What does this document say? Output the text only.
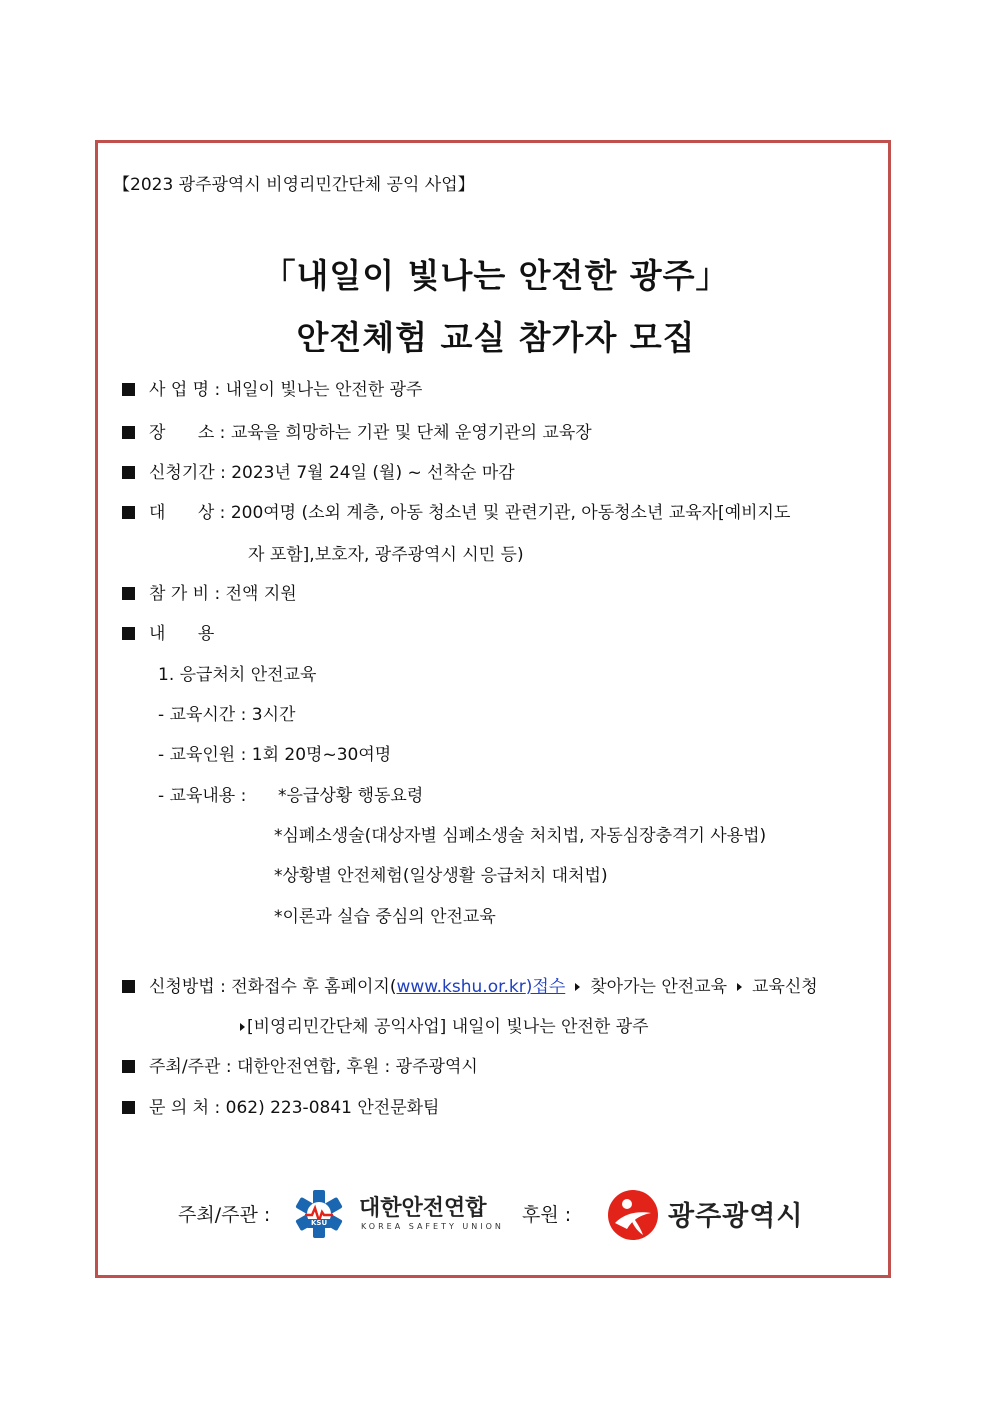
【2023 광주광역시 비영리민간단체 공익 사업】
「내일이 빛나는 안전한 광주」
안전체험 교실 참가자 모집
사 업 명 : 내일이 빛나는 안전한 광주
장      소 : 교육을 희망하는 기관 및 단체 운영기관의 교육장
신청기간 : 2023년 7월 24일 (월) ~ 선착순 마감
대      상 : 200여명 (소외 계층, 아동 청소년 및 관련기관, 아동청소년 교육자[예비지도
자 포함],보호자, 광주광역시 시민 등)
참 가 비 : 전액 지원
내      용
1. 응급처치 안전교육
- 교육시간 : 3시간
- 교육인원 : 1회 20명~30여명
- 교육내용 : *응급상황 행동요령
*심폐소생술(대상자별 심폐소생술 처치법, 자동심장충격기 사용법)
*상황별 안전체험(일상생활 응급처치 대처법)
*이론과 실습 중심의 안전교육
신청방법 : 전화접수 후 홈페이지(www.kshu.or.kr)접수 찾아가는 안전교육 교육신청
[비영리민간단체 공익사업] 내일이 빛나는 안전한 광주
주최/주관 : 대한안전연합, 후원 : 광주광역시
문 의 처 : 062) 223-0841 안전문화팀
주최/주관 :	KSU
대한안전연합
KOREA SAFETY UNION
후원 :	광주광역시
